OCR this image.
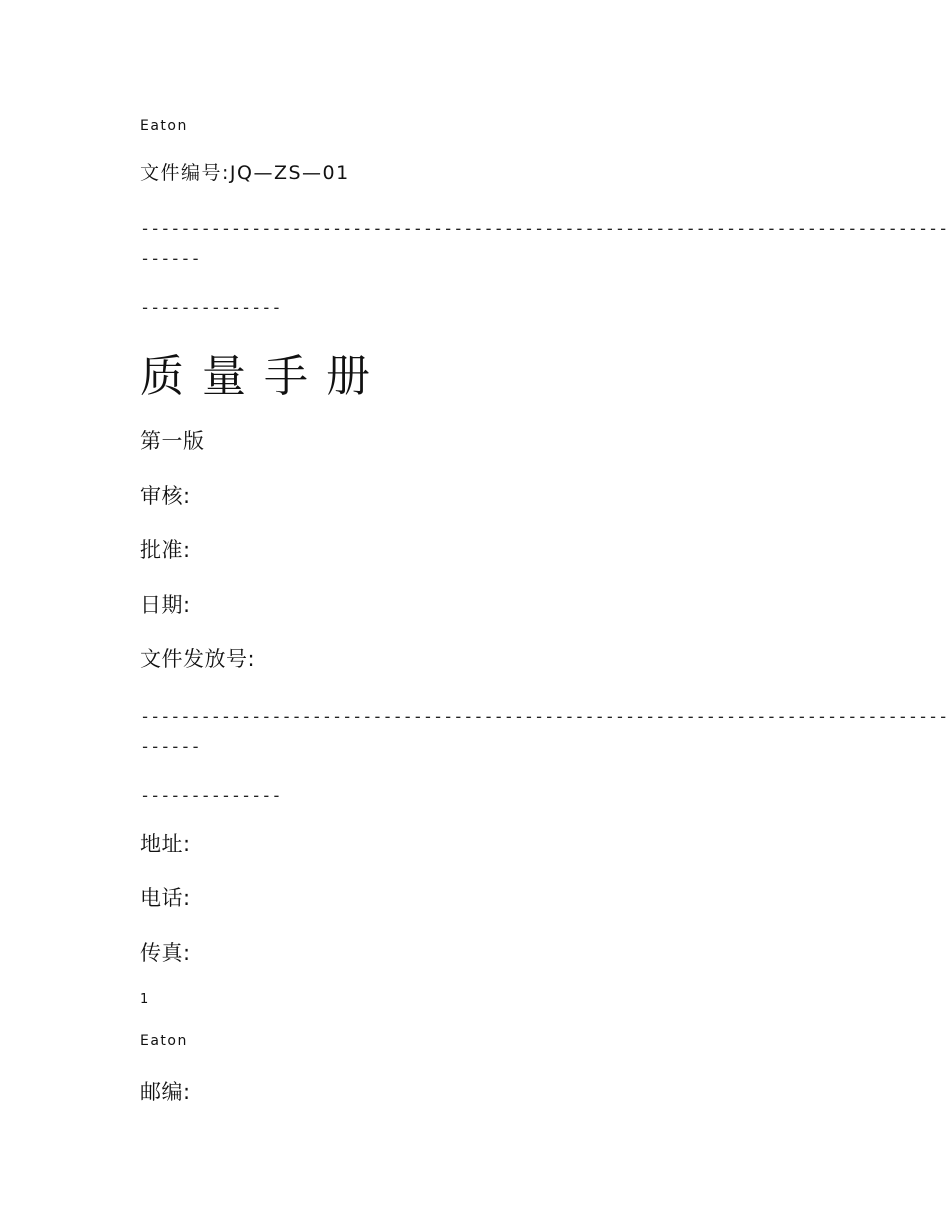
Eaton
文件编号:JQ—ZS—01
--------------------------------------------------------------------------------
------
--------------
质量手册
第一版
审核:
批准:
日期:
文件发放号:
--------------------------------------------------------------------------------
------
--------------
地址:
电话:
传真:
1
Eaton
邮编:
